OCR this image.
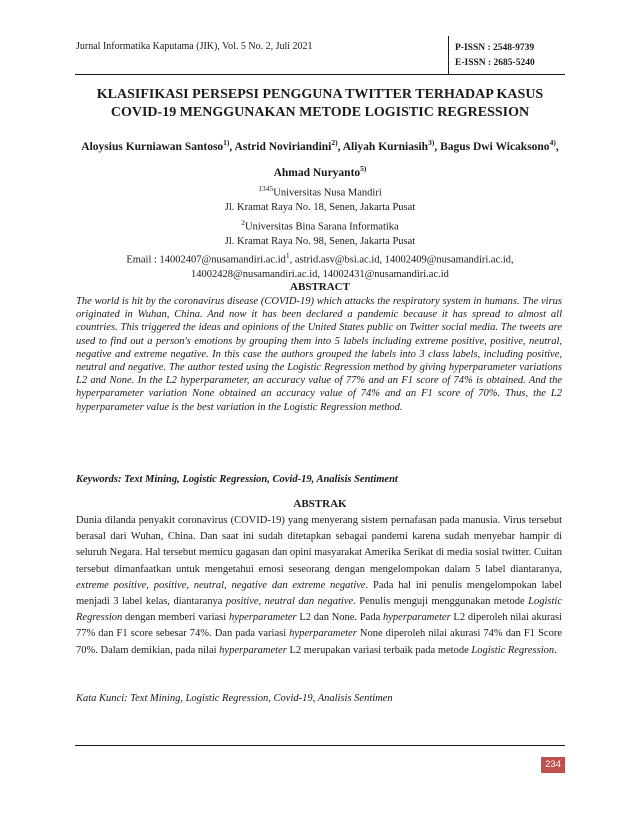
Jurnal Informatika Kaputama (JIK), Vol. 5 No. 2, Juli 2021	P-ISSN : 2548-9739
E-ISSN : 2685-5240
KLASIFIKASI PERSEPSI PENGGUNA TWITTER TERHADAP KASUS
COVID-19 MENGGUNAKAN METODE LOGISTIC REGRESSION
Aloysius Kurniawan Santoso$^{1)}$, Astrid Noviriandini$^{2)}$, Aliyah Kurniasih$^{3)}$, Bagus Dwi Wicaksono$^{4)}$, Ahmad Nuryanto$^{5)}$
$^{1345}$Universitas Nusa Mandiri
Jl. Kramat Raya No. 18, Senen, Jakarta Pusat
$^2$Universitas Bina Sarana Informatika
Jl. Kramat Raya No. 98, Senen, Jakarta Pusat
Email : $14002407@nusamandiri.ac.id^1$, astrid.asv@bsi.ac.id, 14002409@nusamandiri.ac.id,
14002428@nusamandiri.ac.id, 14002431@nusamandiri.ac.id
ABSTRACT
The world is hit by the coronavirus disease (COVID-19) which attacks the respiratory system in humans. The virus originated in Wuhan, China. And now it has been declared a pandemic because it has spread to almost all countries. This triggered the ideas and opinions of the United States public on Twitter social media. The tweets are used to find out a person's emotions by grouping them into 5 labels including extreme positive, positive, neutral, negative and extreme negative. In this case the authors grouped the labels into 3 class labels, including positive, neutral and negative. The author tested using the Logistic Regression method by giving hyperparameter variations L2 and None. In the L2 hyperparameter, an accuracy value of 77% and an F1 score of 74% is obtained. And the hyperparameter variation None obtained an accuracy value of 74% and an F1 score of 70%. Thus, the L2 hyperparameter value is the best variation in the Logistic Regression method.
Keywords: Text Mining, Logistic Regression, Covid-19, Analisis Sentiment
ABSTRAK
Dunia dilanda penyakit coronavirus (COVID-19) yang menyerang sistem pernafasan pada manusia. Virus tersebut berasal dari Wuhan, China. Dan saat ini sudah ditetapkan sebagai pandemi karena sudah menyebar hampir di seluruh Negara. Hal tersebut memicu gagasan dan opini masyarakat Amerika Serikat di media sosial twitter. Cuitan tersebut dimanfaatkan untuk mengetahui emosi seseorang dengan mengelompokan dalam 5 label diantaranya, extreme positive, positive, neutral, negative dan extreme negative. Pada hal ini penulis mengelompokan label menjadi 3 label kelas, diantaranya positive, neutral dan negative. Penulis menguji menggunakan metode Logistic Regression dengan memberi variasi hyperparameter L2 dan None. Pada hyperparameter L2 diperoleh nilai akurasi 77% dan F1 score sebesar 74%. Dan pada variasi hyperparameter None diperoleh nilai akurasi 74% dan F1 Score 70%. Dalam demikian, pada nilai hyperparameter L2 merupakan variasi terbaik pada metode Logistic Regression.
Kata Kunci: Text Mining, Logistic Regression, Covid-19, Analisis Sentimen
234
